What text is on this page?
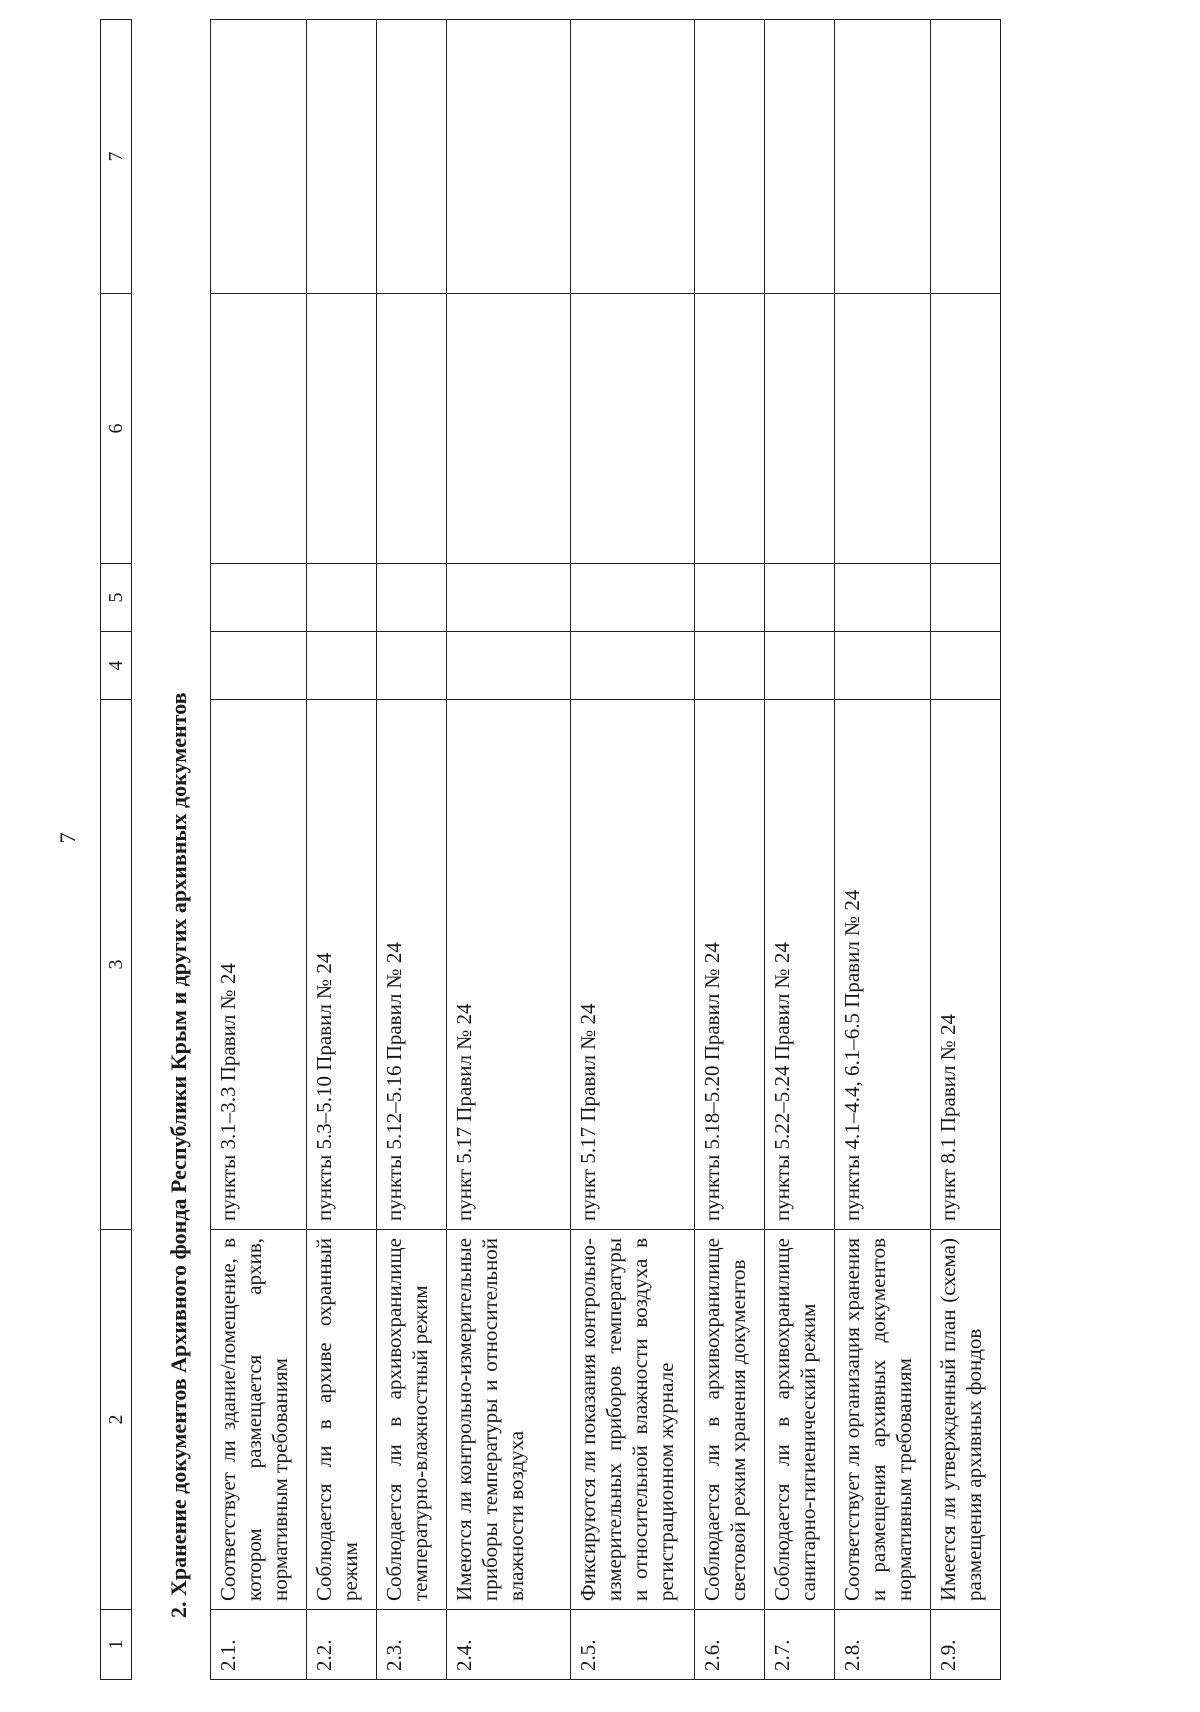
7
1	2	3	4	5	6	7
2. Хранение документов Архивного фонда Республики Крым и других архивных документов
2.1.	Соответствует ли здание/помещение, в котором размещается архив, нормативным требованиям	пункты 3.1–3.3 Правил № 24				
2.2.	Соблюдается ли в архиве охранный режим	пункты 5.3–5.10 Правил № 24				
2.3.	Соблюдается ли в архивохранилище температурно-влажностный режим	пункты 5.12–5.16 Правил № 24				
2.4.	Имеются ли контрольно-измерительные приборы температуры и относительной влажности воздуха	пункт 5.17 Правил № 24				
2.5.	Фиксируются ли показания контрольно-измерительных приборов температуры и относительной влажности воздуха в регистрационном журнале	пункт 5.17 Правил № 24				
2.6.	Соблюдается ли в архивохранилище световой режим хранения документов	пункты 5.18–5.20 Правил № 24				
2.7.	Соблюдается ли в архивохранилище санитарно-гигиенический режим	пункты 5.22–5.24 Правил № 24				
2.8.	Соответствует ли организация хранения и размещения архивных документов нормативным требованиям	пункты 4.1–4.4, 6.1–6.5 Правил № 24				
2.9.	Имеется ли утвержденный план (схема) размещения архивных фондов	пункт 8.1 Правил № 24				
